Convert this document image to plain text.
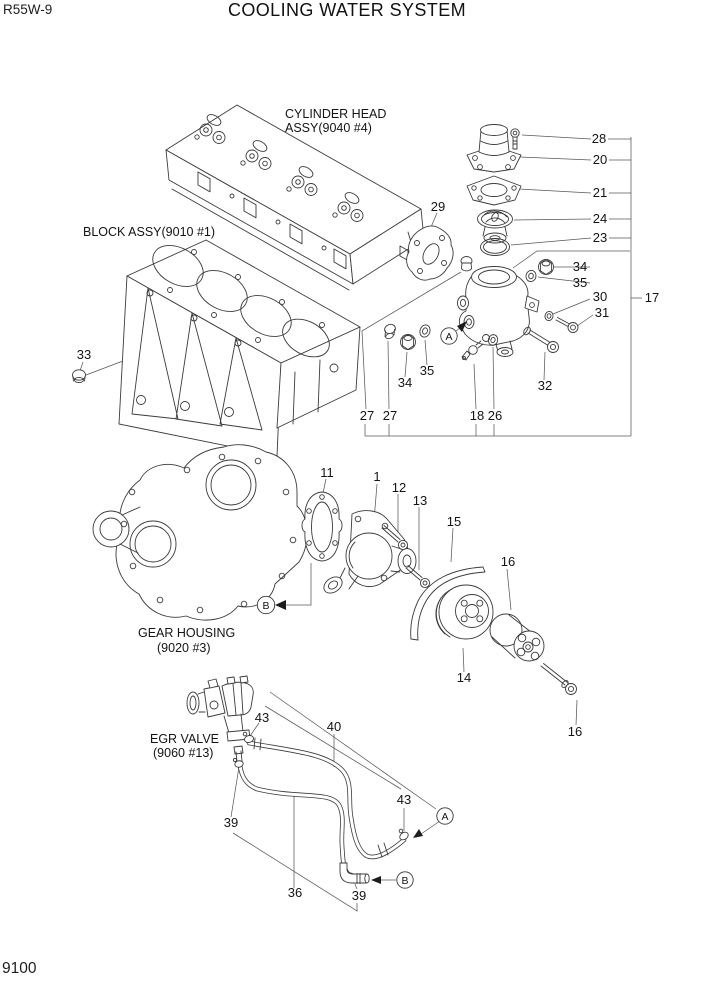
R55W-9	COOLING WATER SYSTEM
9100
A
B
A
B
CYLINDER HEAD
ASSY(9040 #4)
BLOCK ASSY(9010 #1)
GEAR HOUSING
(9020 #3)
EGR VALVE
(9060 #13)
28
20
21
24
23
34
35
30
31
17
29
33
34
35
27 27	18 26
32
11	1
12
13
15
16
14
16
43
40
43
39
36	39
